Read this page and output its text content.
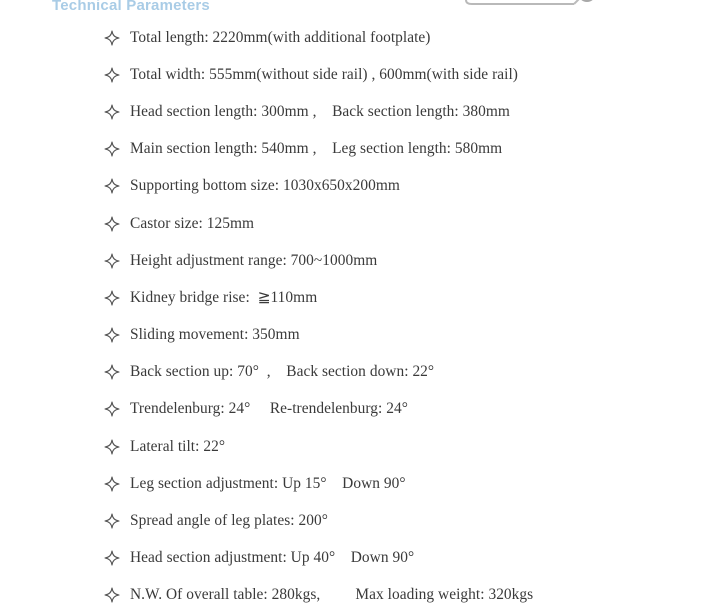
Technical Parameters
Total length: 2220mm(with additional footplate)
Total width: 555mm(without side rail) , 600mm(with side rail)
Head section length: 300mm ,    Back section length: 380mm
Main section length: 540mm ,    Leg section length: 580mm
Supporting bottom size: 1030x650x200mm
Castor size: 125mm
Height adjustment range: 700~1000mm
Kidney bridge rise:  ≧110mm
Sliding movement: 350mm
Back section up: 70°  ,    Back section down: 22°
Trendelenburg: 24°     Re-trendelenburg: 24°
Lateral tilt: 22°
Leg section adjustment: Up 15°    Down 90°
Spread angle of leg plates: 200°
Head section adjustment: Up 40°    Down 90°
N.W. Of overall table: 280kgs,         Max loading weight: 320kgs
